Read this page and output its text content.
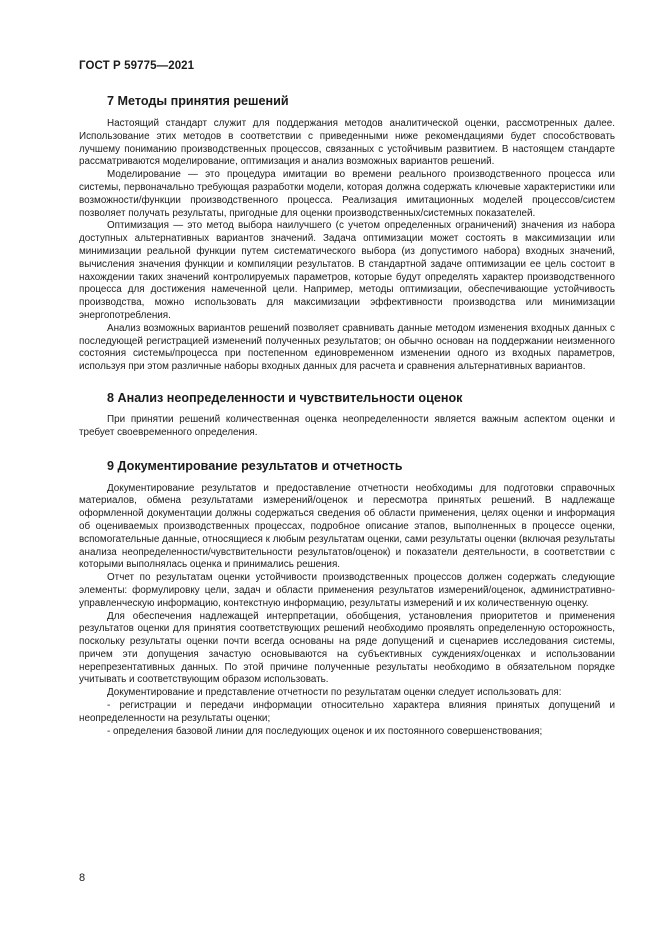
ГОСТ Р 59775—2021
7 Методы принятия решений

Настоящий стандарт служит для поддержания методов аналитической оценки, рассмотренных далее. Использование этих методов в соответствии с приведенными ниже рекомендациями будет способствовать лучшему пониманию производственных процессов, связанных с устойчивым развитием. В настоящем стандарте рассматриваются моделирование, оптимизация и анализ возможных вариантов решений.

Моделирование — это процедура имитации во времени реального производственного процесса или системы, первоначально требующая разработки модели, которая должна содержать ключевые характеристики или возможности/функции производственного процесса. Реализация имитационных моделей процессов/систем позволяет получать результаты, пригодные для оценки производственных/системных показателей.

Оптимизация — это метод выбора наилучшего (с учетом определенных ограничений) значения из набора доступных альтернативных вариантов значений. Задача оптимизации может состоять в максимизации или минимизации реальной функции путем систематического выбора (из допустимого набора) входных значений, вычисления значения функции и компиляции результатов. В стандартной задаче оптимизации ее цель состоит в нахождении таких значений контролируемых параметров, которые будут определять характер производственного процесса для достижения намеченной цели. Например, методы оптимизации, обеспечивающие устойчивость производства, можно использовать для максимизации эффективности производства или минимизации энергопотребления.

Анализ возможных вариантов решений позволяет сравнивать данные методом изменения входных данных с последующей регистрацией изменений полученных результатов; он обычно основан на поддержании неизменного состояния системы/процесса при постепенном единовременном изменении одного из входных параметров, используя при этом различные наборы входных данных для расчета и сравнения альтернативных вариантов.

8 Анализ неопределенности и чувствительности оценок

При принятии решений количественная оценка неопределенности является важным аспектом оценки и требует своевременного определения.

9 Документирование результатов и отчетность

Документирование результатов и предоставление отчетности необходимы для подготовки справочных материалов, обмена результатами измерений/оценок и пересмотра принятых решений. В надлежаще оформленной документации должны содержаться сведения об области применения, целях оценки и информация об оцениваемых производственных процессах, подробное описание этапов, выполненных в процессе оценки, вспомогательные данные, относящиеся к любым результатам оценки, сами результаты оценки (включая результаты анализа неопределенности/чувствительности результатов/оценок) и показатели деятельности, в соответствии с которыми выполнялась оценка и принимались решения.

Отчет по результатам оценки устойчивости производственных процессов должен содержать следующие элементы: формулировку цели, задач и области применения результатов измерений/оценок, административно-управленческую информацию, контекстную информацию, результаты измерений и их количественную оценку.

Для обеспечения надлежащей интерпретации, обобщения, установления приоритетов и применения результатов оценки для принятия соответствующих решений необходимо проявлять определенную осторожность, поскольку результаты оценки почти всегда основаны на ряде допущений и сценариев исследования системы, причем эти допущения зачастую основываются на субъективных суждениях/оценках и использовании нерепрезентативных данных. По этой причине полученные результаты необходимо в обязательном порядке учитывать и соответствующим образом использовать.

Документирование и представление отчетности по результатам оценки следует использовать для:

- регистрации и передачи информации относительно характера влияния принятых допущений и неопределенности на результаты оценки;

- определения базовой линии для последующих оценок и их постоянного совершенствования;

8
